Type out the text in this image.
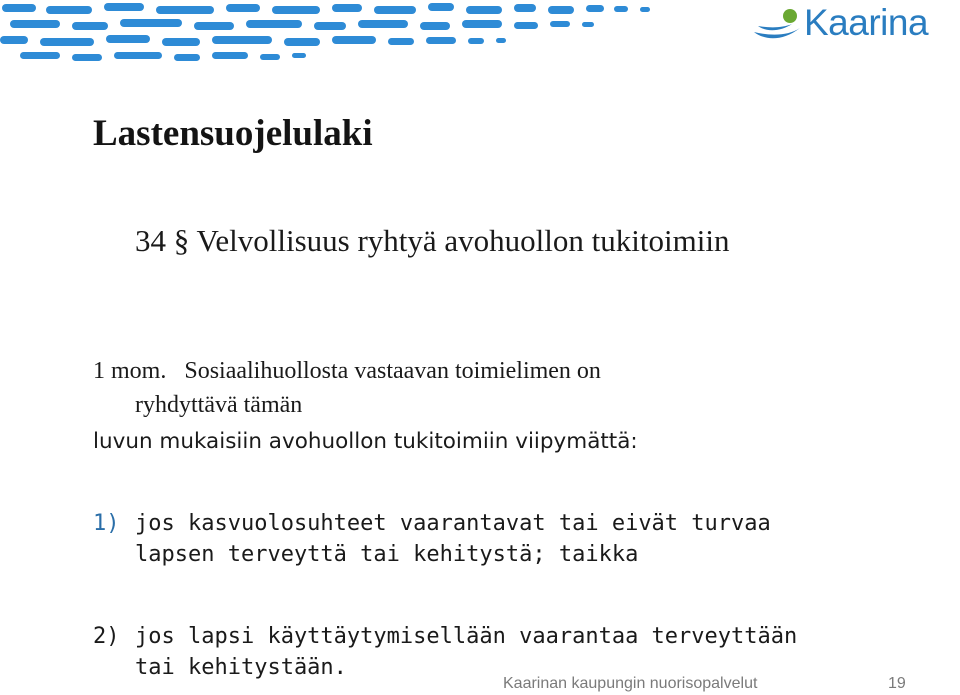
Kaarina
Lastensuojelulaki
34 § Velvollisuus ryhtyä avohuollon tukitoimiin

1 mom. Sosiaalihuollosta vastaavan toimielimen on
ryhdyttävä tämän

luvun mukaisiin avohuollon tukitoimiin viipymättä:

1) jos kasvuolosuhteet vaarantavat tai eivät turvaa
lapsen terveyttä tai kehitystä; taikka

2) jos lapsi käyttäytymisellään vaarantaa terveyttään
tai kehitystään.

Kaarinan kaupungin nuorisopalvelut	19
